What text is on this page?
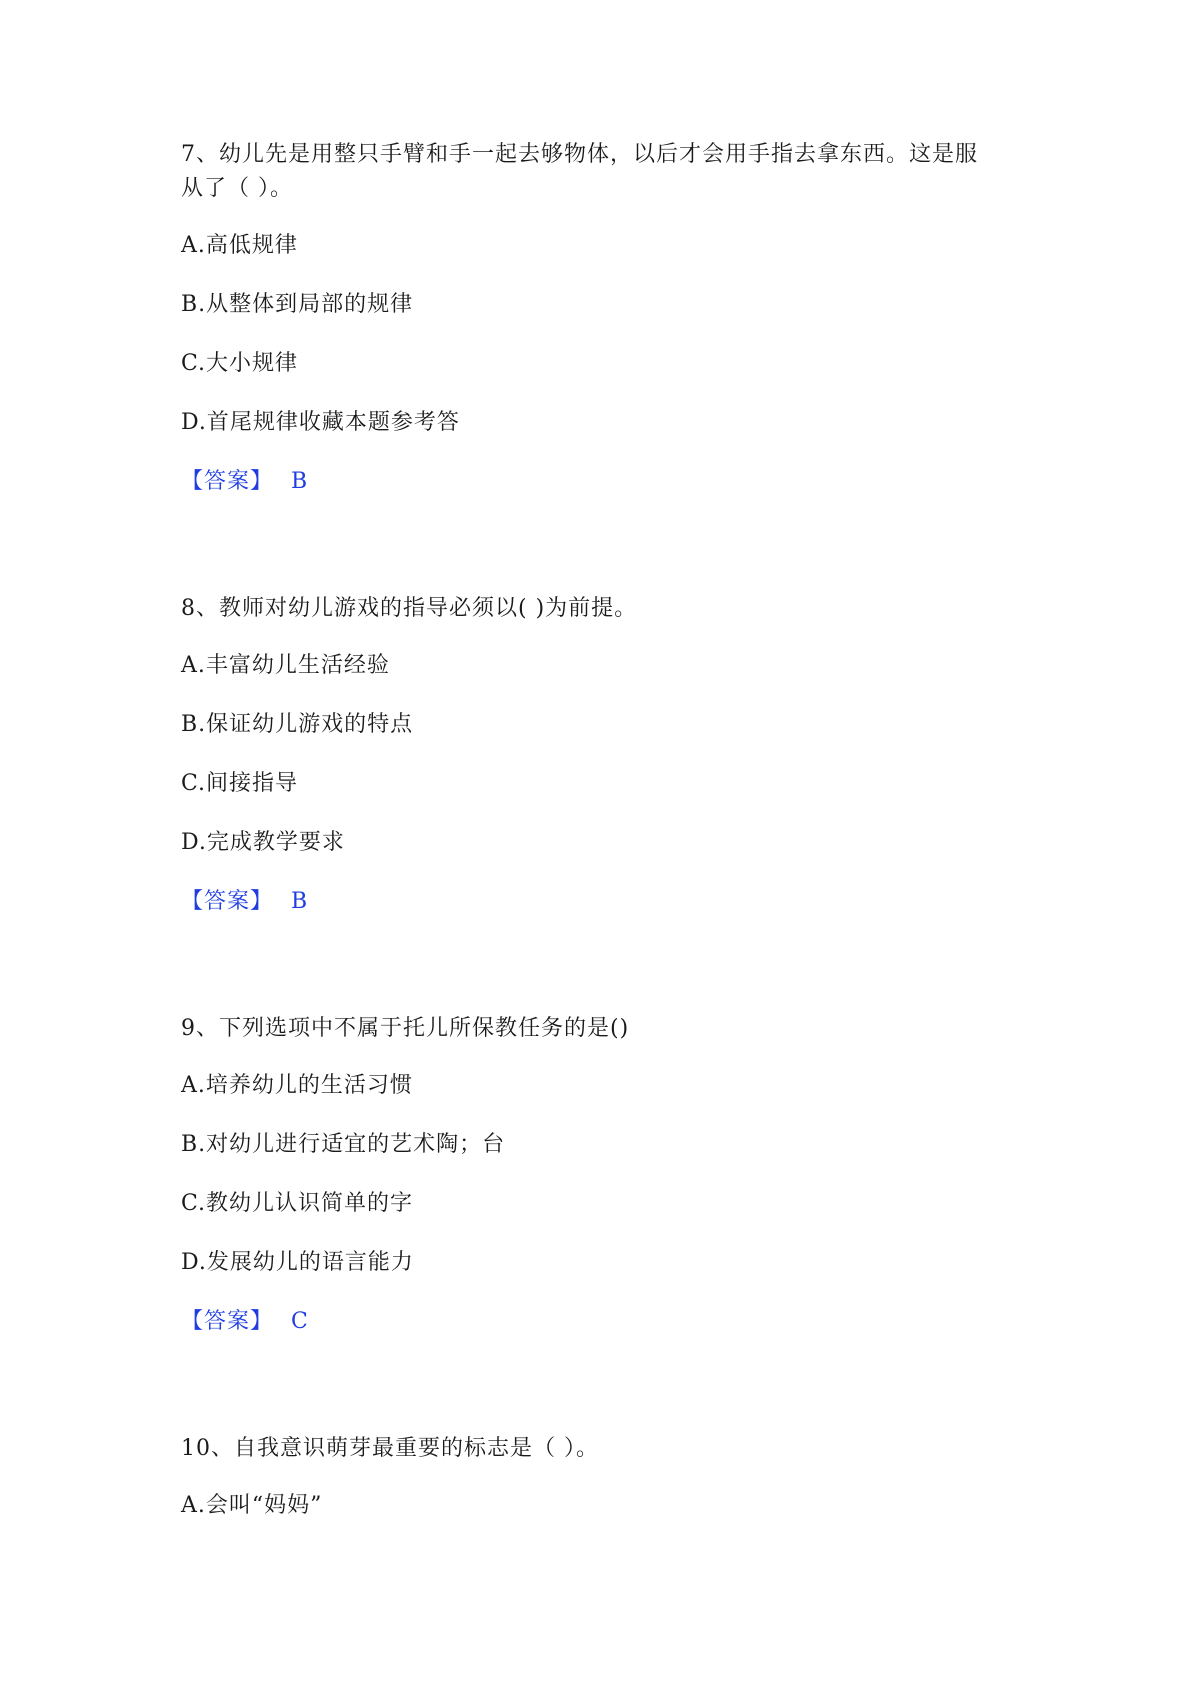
7、幼儿先是用整只手臂和手一起去够物体，以后才会用手指去拿东西。这是服

从了（ ）。

A.高低规律

B.从整体到局部的规律

C.大小规律

D.首尾规律收藏本题参考答

【答案】 B

8、教师对幼儿游戏的指导必须以( )为前提。

A.丰富幼儿生活经验

B.保证幼儿游戏的特点

C.间接指导

D.完成教学要求

【答案】 B

9、下列选项中不属于托儿所保教任务的是()

A.培养幼儿的生活习惯

B.对幼儿进行适宜的艺术陶；台

C.教幼儿认识简单的字

D.发展幼儿的语言能力

【答案】 C

10、自我意识萌芽最重要的标志是（ ）。

A.会叫“妈妈”
